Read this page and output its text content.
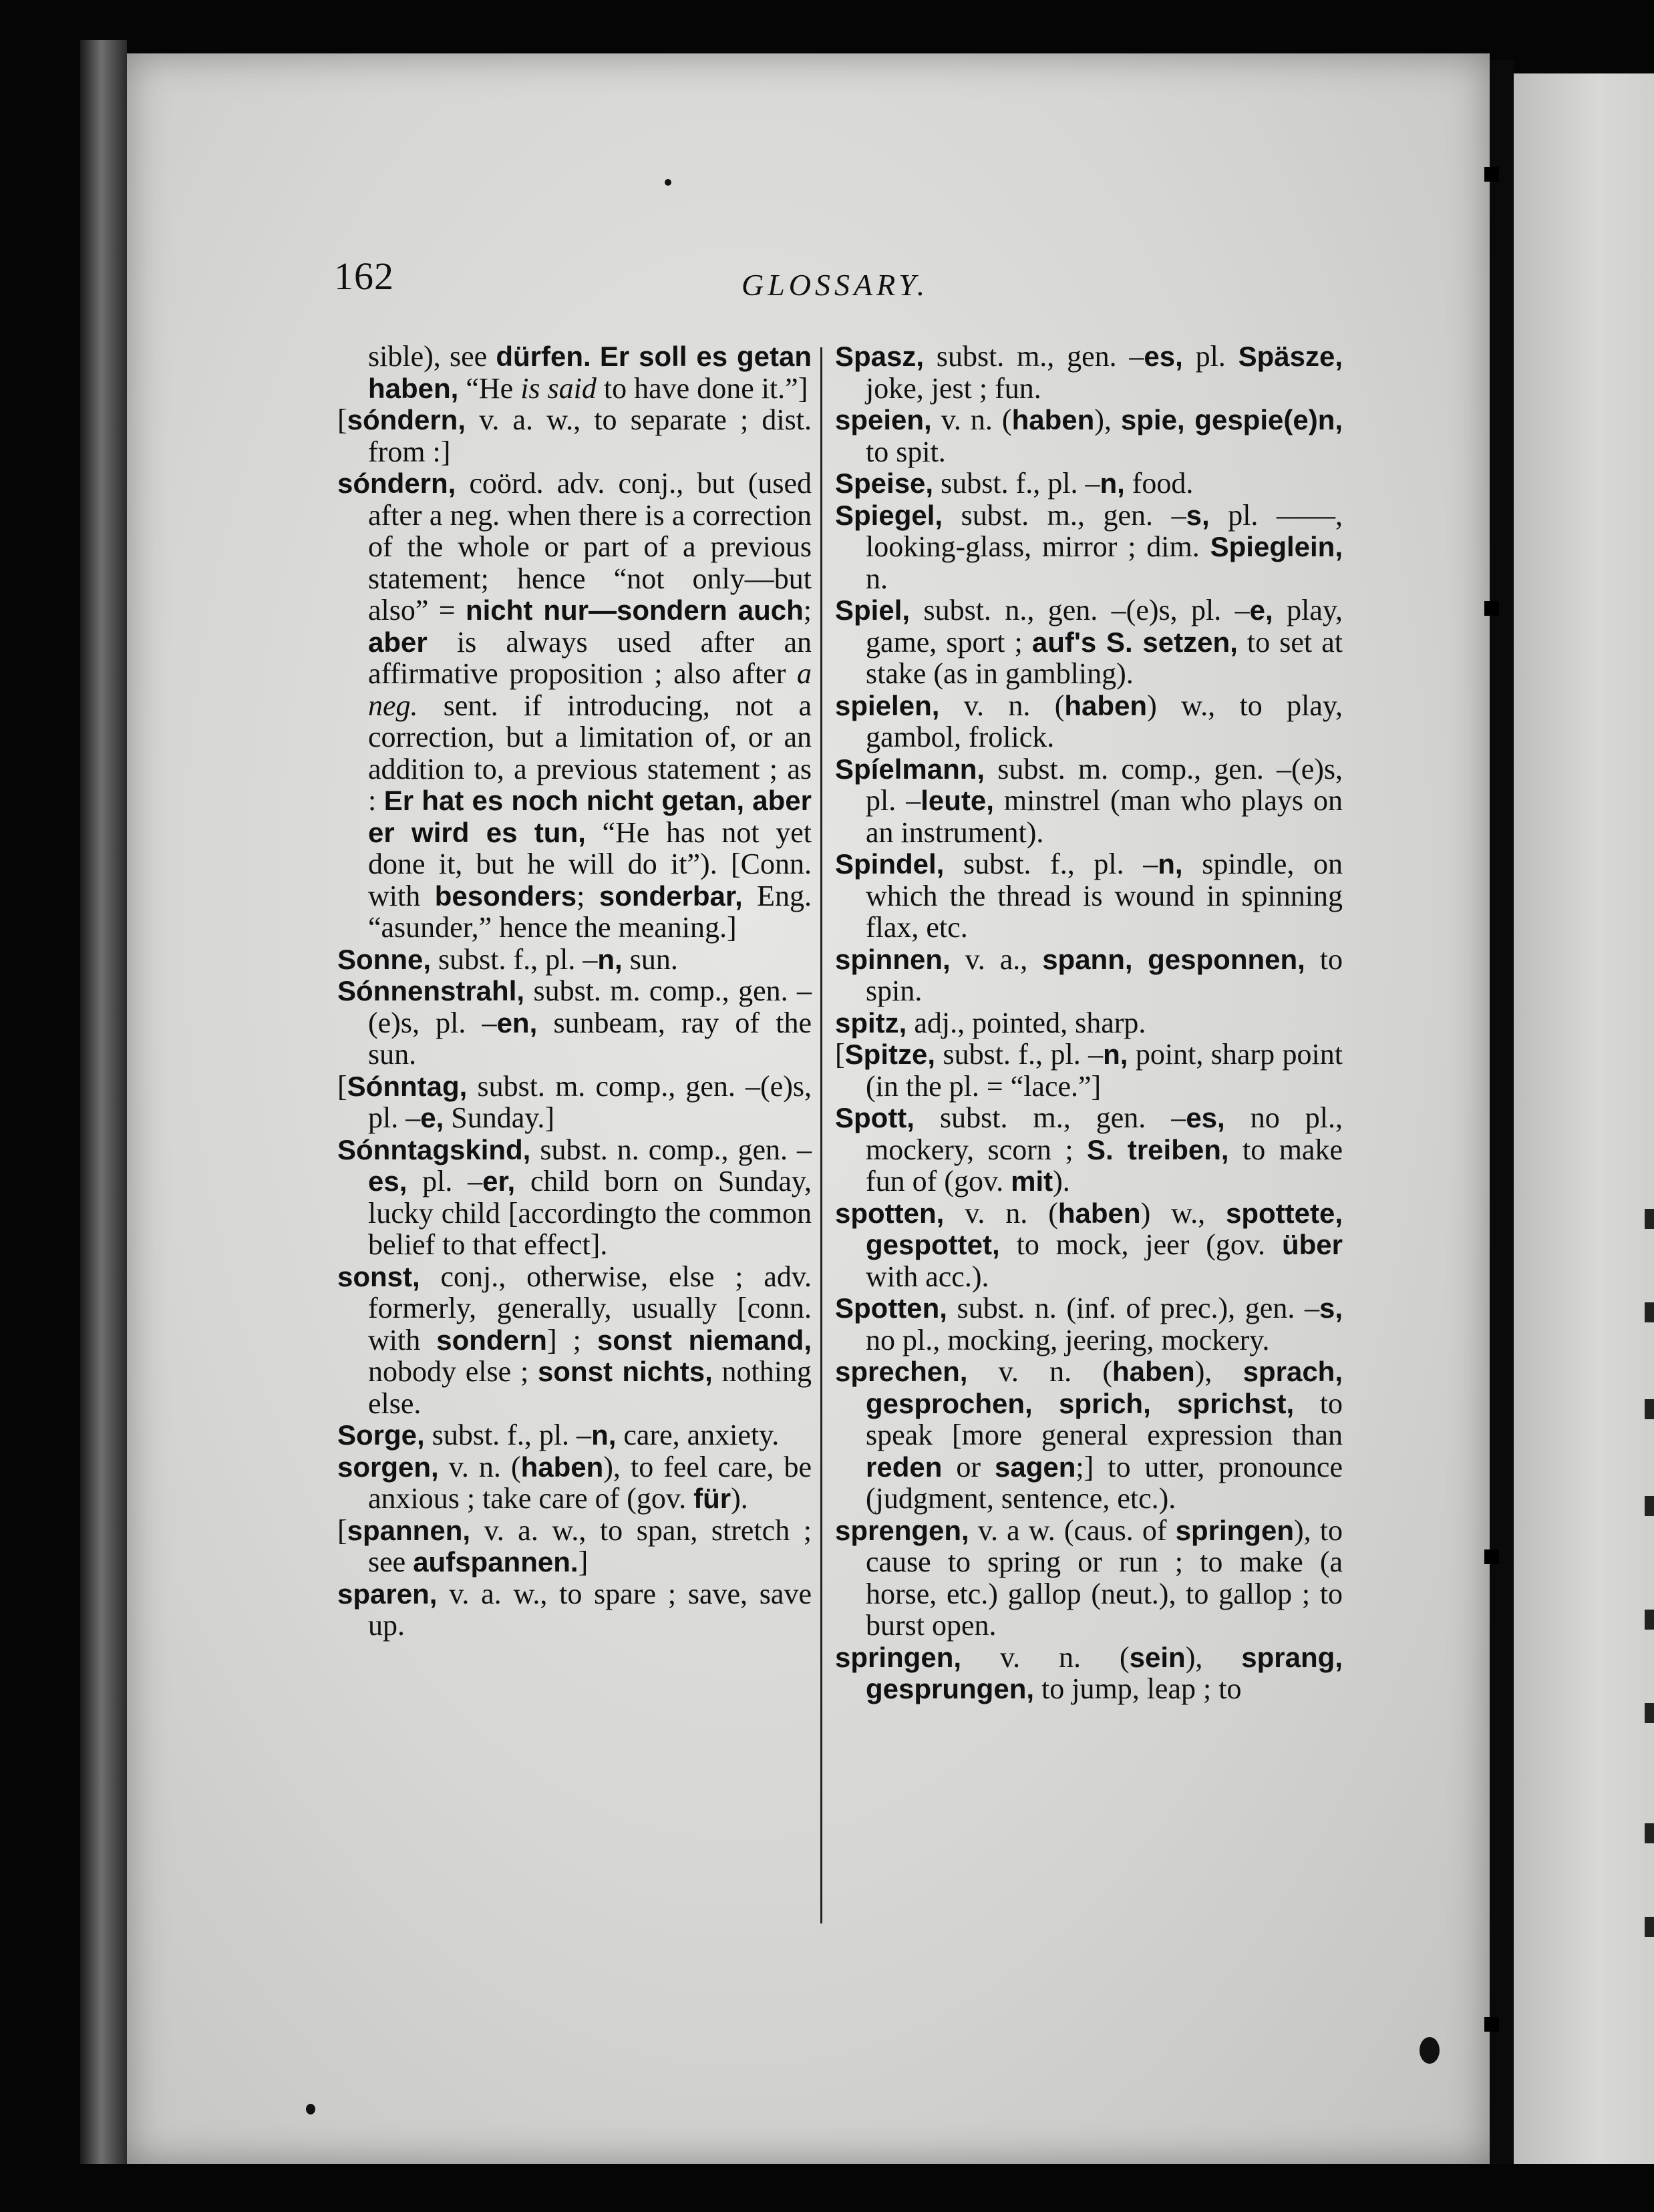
162	GLOSSARY.

sible), see dürfen. Er soll es getan haben, “He is said to have done it.”]

[sóndern, v. a. w., to separate ; dist. from :]

sóndern, coörd. adv. conj., but (used after a neg. when there is a correction of the whole or part of a previous statement; hence “not only—but also” = nicht nur—sondern auch; aber is always used after an affirmative proposition ; also after a neg. sent. if introducing, not a correction, but a limitation of, or an addition to, a previous statement ; as : Er hat es noch nicht getan, aber er wird es tun, “He has not yet done it, but he will do it”). [Conn. with besonders; sonderbar, Eng. “asunder,” hence the meaning.]

Sonne, subst. f., pl. –n, sun.

Sónnenstrahl, subst. m. comp., gen. –(e)s, pl. –en, sunbeam, ray of the sun.

[Sónntag, subst. m. comp., gen. –(e)s, pl. –e, Sunday.]

Sónntagskind, subst. n. comp., gen. –es, pl. –er, child born on Sunday, lucky child [accordingto the common belief to that effect].

sonst, conj., otherwise, else ; adv. formerly, generally, usually [conn. with sondern] ; sonst niemand, nobody else ; sonst nichts, nothing else.

Sorge, subst. f., pl. –n, care, anxiety.

sorgen, v. n. (haben), to feel care, be anxious ; take care of (gov. für).

[spannen, v. a. w., to span, stretch ; see aufspannen.]

sparen, v. a. w., to spare ; save, save up.

Spasz, subst. m., gen. –es, pl. Späsze, joke, jest ; fun.

speien, v. n. (haben), spie, gespie(e)n, to spit.

Speise, subst. f., pl. –n, food.

Spiegel, subst. m., gen. –s, pl. ——, looking-glass, mirror ; dim. Spieglein, n.

Spiel, subst. n., gen. –(e)s, pl. –e, play, game, sport ; auf's S. setzen, to set at stake (as in gambling).

spielen, v. n. (haben) w., to play, gambol, frolick.

Spíelmann, subst. m. comp., gen. –(e)s, pl. –leute, minstrel (man who plays on an instrument).

Spindel, subst. f., pl. –n, spindle, on which the thread is wound in spinning flax, etc.

spinnen, v. a., spann, gesponnen, to spin.

spitz, adj., pointed, sharp.

[Spitze, subst. f., pl. –n, point, sharp point (in the pl. = “lace.”]

Spott, subst. m., gen. –es, no pl., mockery, scorn ; S. treiben, to make fun of (gov. mit).

spotten, v. n. (haben) w., spottete, gespottet, to mock, jeer (gov. über with acc.).

Spotten, subst. n. (inf. of prec.), gen. –s, no pl., mocking, jeering, mockery.

sprechen, v. n. (haben), sprach, gesprochen, sprich, sprichst, to speak [more general expression than reden or sagen;] to utter, pronounce (judgment, sentence, etc.).

sprengen, v. a w. (caus. of springen), to cause to spring or run ; to make (a horse, etc.) gallop (neut.), to gallop ; to burst open.

springen, v. n. (sein), sprang, gesprungen, to jump, leap ; to
